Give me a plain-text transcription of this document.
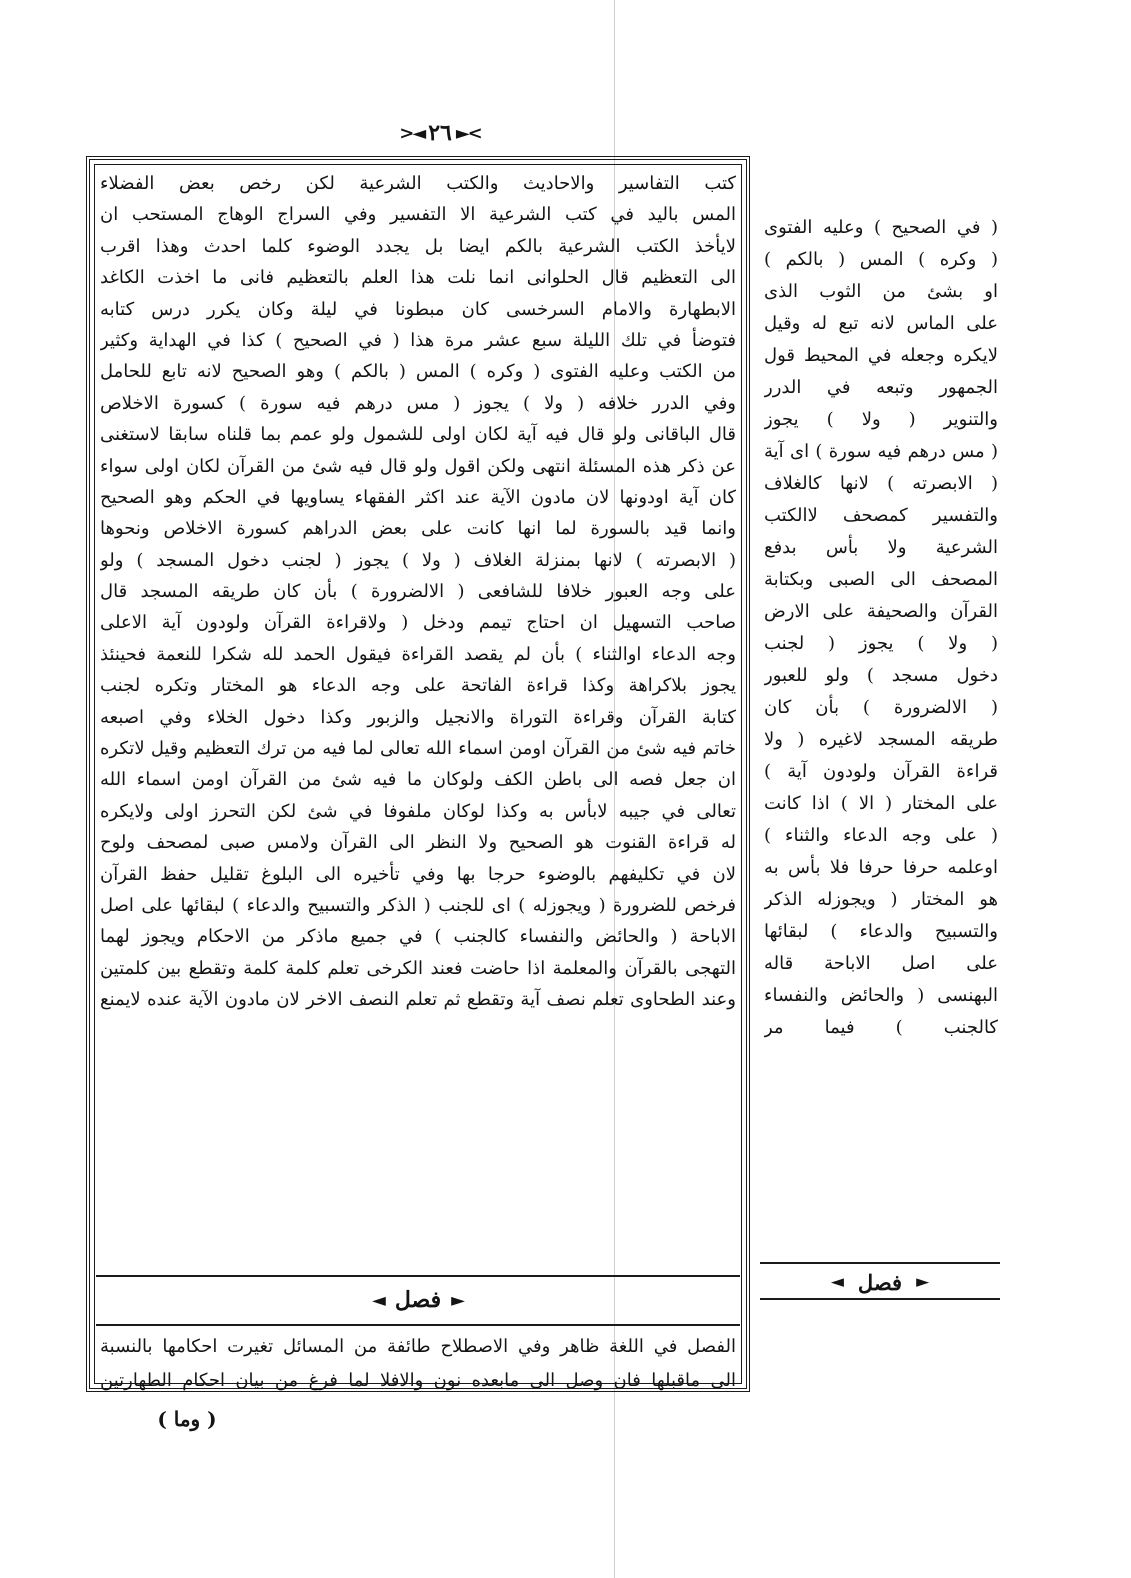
>►
٢٦
◄<
كتب التفاسير والاحاديث والكتب الشرعية لكن رخص بعض الفضلاء
المس باليد في كتب الشرعية الا التفسير وفي السراج الوهاج المستحب ان
لايأخذ الكتب الشرعية بالكم ايضا بل يجدد الوضوء كلما احدث وهذا اقرب
الى التعظيم قال الحلوانى انما نلت هذا العلم بالتعظيم فانى ما اخذت الكاغد
الابطهارة والامام السرخسى كان مبطونا في ليلة وكان يكرر درس كتابه
فتوضأ في تلك الليلة سبع عشر مرة هذا ( في الصحيح ) كذا في الهداية وكثير
من الكتب وعليه الفتوى ( وكره ) المس ( بالكم ) وهو الصحيح لانه تابع للحامل
وفي الدرر خلافه ( ولا ) يجوز ( مس درهم فيه سورة ) كسورة الاخلاص
قال الباقانى ولو قال فيه آية لكان اولى للشمول ولو عمم بما قلناه سابقا لاستغنى
عن ذكر هذه المسئلة انتهى ولكن اقول ولو قال فيه شئ من القرآن لكان اولى سواء
كان آية اودونها لان مادون الآية عند اكثر الفقهاء يساويها في الحكم وهو الصحيح
وانما قيد بالسورة لما انها كانت على بعض الدراهم كسورة الاخلاص ونحوها
( الابصرته ) لانها بمنزلة الغلاف ( ولا ) يجوز ( لجنب دخول المسجد ) ولو
على وجه العبور خلافا للشافعى ( الالضرورة ) بأن كان طريقه المسجد قال
صاحب التسهيل ان احتاج تيمم ودخل ( ولاقراءة القرآن ولودون آية الاعلى
وجه الدعاء اوالثناء ) بأن لم يقصد القراءة فيقول الحمد لله شكرا للنعمة فحينئذ
يجوز بلاكراهة وكذا قراءة الفاتحة على وجه الدعاء هو المختار وتكره لجنب
كتابة القرآن وقراءة التوراة والانجيل والزبور وكذا دخول الخلاء وفي اصبعه
خاتم فيه شئ من القرآن اومن اسماء الله تعالى لما فيه من ترك التعظيم وقيل لاتكره
ان جعل فصه الى باطن الكف ولوكان ما فيه شئ من القرآن اومن اسماء الله
تعالى في جيبه لابأس به وكذا لوكان ملفوفا في شئ لكن التحرز اولى ولايكره
له قراءة القنوت هو الصحيح ولا النظر الى القرآن ولامس صبى لمصحف ولوح
لان في تكليفهم بالوضوء حرجا بها وفي تأخيره الى البلوغ تقليل حفظ القرآن
فرخص للضرورة ( ويجوزله ) اى للجنب ( الذكر والتسبيح والدعاء ) لبقائها على اصل
الاباحة ( والحائض والنفساء كالجنب ) في جميع ماذكر من الاحكام ويجوز لهما
التهجى بالقرآن والمعلمة اذا حاضت فعند الكرخى تعلم كلمة كلمة وتقطع بين كلمتين
وعند الطحاوى تعلم نصف آية وتقطع ثم تعلم النصف الاخر لان مادون الآية عنده لايمنع
►
فصل
◄
الفصل في اللغة ظاهر وفي الاصطلاح طائفة من المسائل تغيرت احكامها بالنسبة
الى ماقبلها فان وصل الى مابعده نون والافلا لما فرغ من بيان احكام الطهارتين
( في الصحيح ) وعليه الفتوى
( وكره ) المس ( بالكم )
او بشئ من الثوب الذى
على الماس لانه تبع له وقيل
لايكره وجعله في المحيط قول
الجمهور وتبعه في الدرر
والتنوير ( ولا ) يجوز
( مس درهم فيه سورة ) اى آية
( الابصرته ) لانها كالغلاف
والتفسير كمصحف لاالكتب
الشرعية ولا بأس بدفع
المصحف الى الصبى وبكتابة
القرآن والصحيفة على الارض
( ولا ) يجوز ( لجنب
دخول مسجد ) ولو للعبور
( الالضرورة ) بأن كان
طريقه المسجد لاغيره ( ولا
قراءة القرآن ولودون آية )
على المختار ( الا ) اذا كانت
( على وجه الدعاء والثناء )
اوعلمه حرفا حرفا فلا بأس به
هو المختار ( ويجوزله الذكر
والتسبيح والدعاء ) لبقائها
على اصل الاباحة قاله
البهنسى ( والحائض والنفساء
كالجنب ) فيما مر
►
فصل
◄
( وما )
